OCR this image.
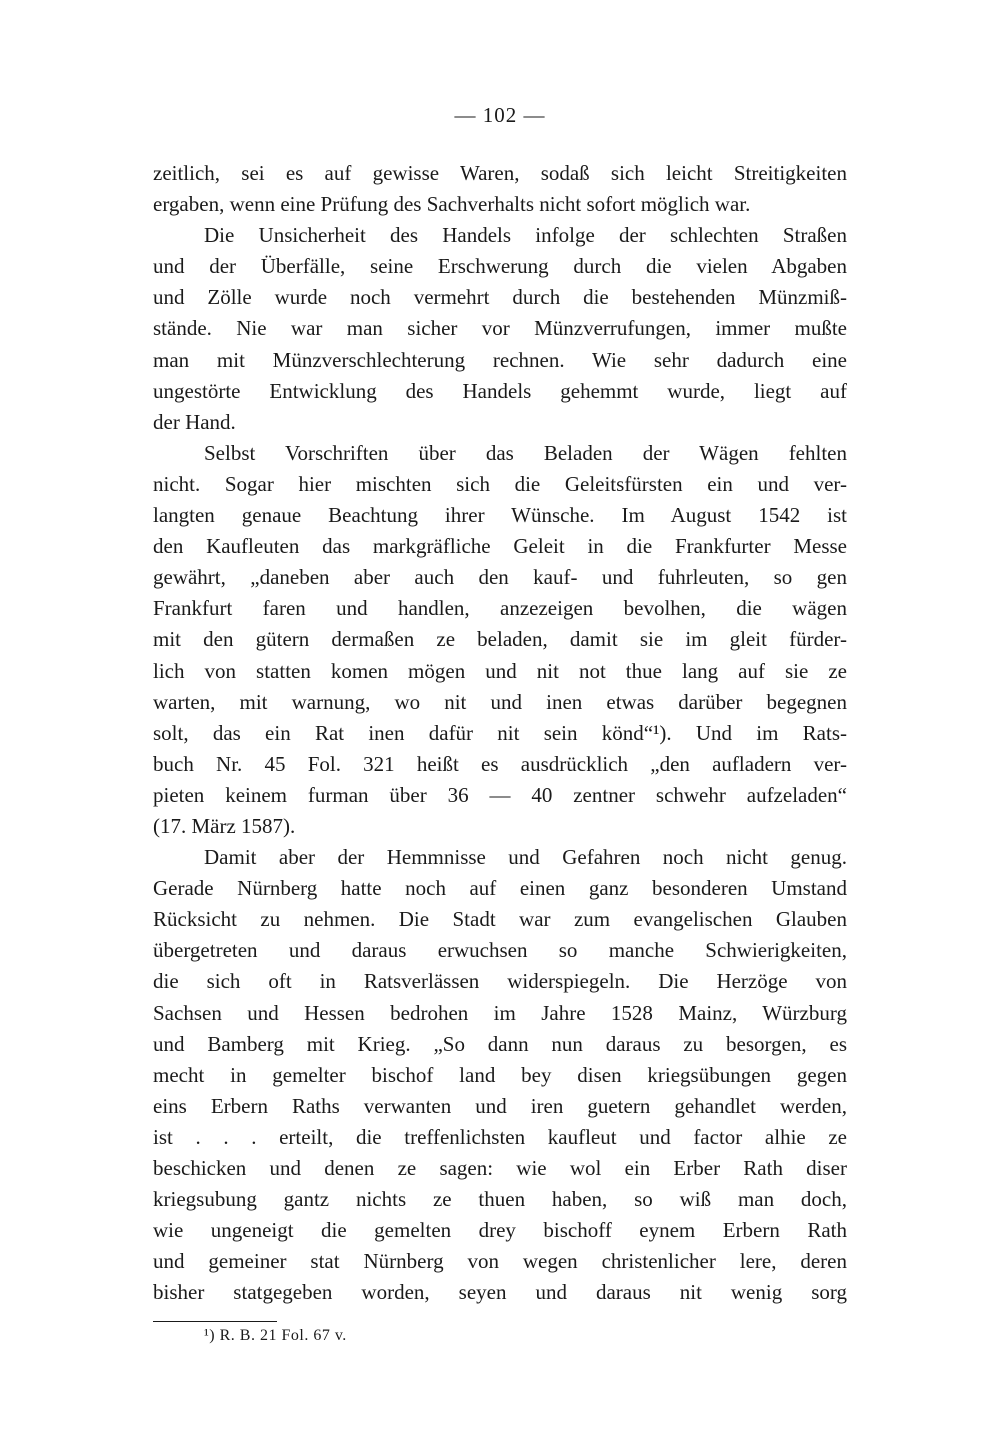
— 102 —
zeitlich, sei es auf gewisse Waren, sodaß sich leicht Streitigkeiten
ergaben, wenn eine Prüfung des Sachverhalts nicht sofort möglich war.
Die Unsicherheit des Handels infolge der schlechten Straßen
und der Überfälle, seine Erschwerung durch die vielen Abgaben
und Zölle wurde noch vermehrt durch die bestehenden Münzmiß-
stände. Nie war man sicher vor Münzverrufungen, immer mußte
man mit Münzverschlechterung rechnen. Wie sehr dadurch eine
ungestörte Entwicklung des Handels gehemmt wurde, liegt auf
der Hand.
Selbst Vorschriften über das Beladen der Wägen fehlten
nicht. Sogar hier mischten sich die Geleitsfürsten ein und ver-
langten genaue Beachtung ihrer Wünsche. Im August 1542 ist
den Kaufleuten das markgräfliche Geleit in die Frankfurter Messe
gewährt, „daneben aber auch den kauf- und fuhrleuten, so gen
Frankfurt faren und handlen, anzezeigen bevolhen, die wägen
mit den gütern dermaßen ze beladen, damit sie im gleit fürder-
lich von statten komen mögen und nit not thue lang auf sie ze
warten, mit warnung, wo nit und inen etwas darüber begegnen
solt, das ein Rat inen dafür nit sein könd“¹). Und im Rats-
buch Nr. 45 Fol. 321 heißt es ausdrücklich „den aufladern ver-
pieten keinem furman über 36 — 40 zentner schwehr aufzeladen“
(17. März 1587).
Damit aber der Hemmnisse und Gefahren noch nicht genug.
Gerade Nürnberg hatte noch auf einen ganz besonderen Umstand
Rücksicht zu nehmen. Die Stadt war zum evangelischen Glauben
übergetreten und daraus erwuchsen so manche Schwierigkeiten,
die sich oft in Ratsverlässen widerspiegeln. Die Herzöge von
Sachsen und Hessen bedrohen im Jahre 1528 Mainz, Würzburg
und Bamberg mit Krieg. „So dann nun daraus zu besorgen, es
mecht in gemelter bischof land bey disen kriegsübungen gegen
eins Erbern Raths verwanten und iren guetern gehandlet werden,
ist . . . erteilt, die treffenlichsten kaufleut und factor alhie ze
beschicken und denen ze sagen: wie wol ein Erber Rath diser
kriegsubung gantz nichts ze thuen haben, so wiß man doch,
wie ungeneigt die gemelten drey bischoff eynem Erbern Rath
und gemeiner stat Nürnberg von wegen christenlicher lere, deren
bisher statgegeben worden, seyen und daraus nit wenig sorg
¹) R. B. 21 Fol. 67 v.
